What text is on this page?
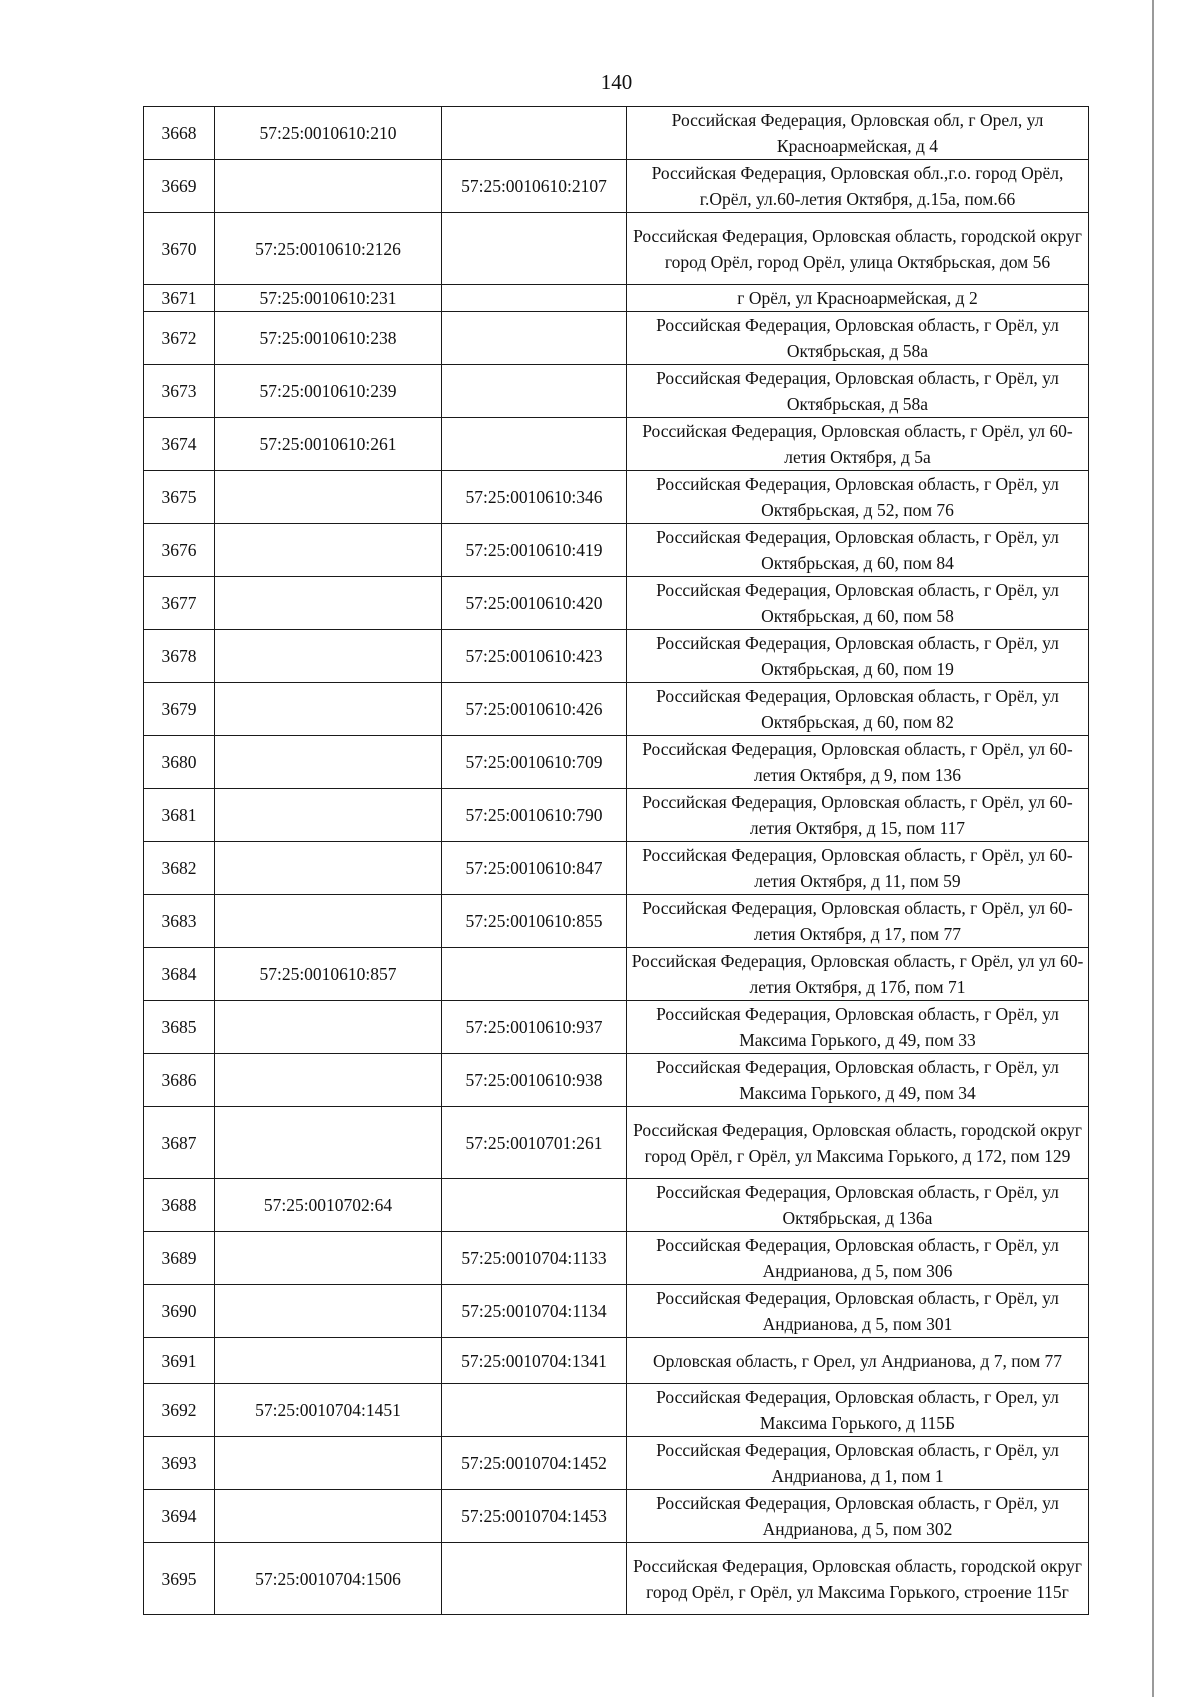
140
3668	57:25:0010610:210		Российская Федерация, Орловская обл, г Орел, ул Красноармейская, д 4
3669		57:25:0010610:2107	Российская Федерация, Орловская обл.,г.о. город Орёл, г.Орёл, ул.60-летия Октября, д.15а, пом.66
3670	57:25:0010610:2126		Российская Федерация, Орловская область, городской округ город Орёл, город Орёл, улица Октябрьская, дом 56
3671	57:25:0010610:231		г Орёл, ул Красноармейская, д 2
3672	57:25:0010610:238		Российская Федерация, Орловская область, г Орёл, ул Октябрьская, д 58а
3673	57:25:0010610:239		Российская Федерация, Орловская область, г Орёл, ул Октябрьская, д 58а
3674	57:25:0010610:261		Российская Федерация, Орловская область, г Орёл, ул 60-летия Октября, д 5а
3675		57:25:0010610:346	Российская Федерация, Орловская область, г Орёл, ул Октябрьская, д 52, пом 76
3676		57:25:0010610:419	Российская Федерация, Орловская область, г Орёл, ул Октябрьская, д 60, пом 84
3677		57:25:0010610:420	Российская Федерация, Орловская область, г Орёл, ул Октябрьская, д 60, пом 58
3678		57:25:0010610:423	Российская Федерация, Орловская область, г Орёл, ул Октябрьская, д 60, пом 19
3679		57:25:0010610:426	Российская Федерация, Орловская область, г Орёл, ул Октябрьская, д 60, пом 82
3680		57:25:0010610:709	Российская Федерация, Орловская область, г Орёл, ул 60-летия Октября, д 9, пом 136
3681		57:25:0010610:790	Российская Федерация, Орловская область, г Орёл, ул 60-летия Октября, д 15, пом 117
3682		57:25:0010610:847	Российская Федерация, Орловская область, г Орёл, ул 60-летия Октября, д 11, пом 59
3683		57:25:0010610:855	Российская Федерация, Орловская область, г Орёл, ул 60-летия Октября, д 17, пом 77
3684	57:25:0010610:857		Российская Федерация, Орловская область, г Орёл, ул ул 60-летия Октября, д 17б, пом 71
3685		57:25:0010610:937	Российская Федерация, Орловская область, г Орёл, ул Максима Горького, д 49, пом 33
3686		57:25:0010610:938	Российская Федерация, Орловская область, г Орёл, ул Максима Горького, д 49, пом 34
3687		57:25:0010701:261	Российская Федерация, Орловская область, городской округ город Орёл, г Орёл, ул Максима Горького, д 172, пом 129
3688	57:25:0010702:64		Российская Федерация, Орловская область, г Орёл, ул Октябрьская, д 136а
3689		57:25:0010704:1133	Российская Федерация, Орловская область, г Орёл, ул Андрианова, д 5, пом 306
3690		57:25:0010704:1134	Российская Федерация, Орловская область, г Орёл, ул Андрианова, д 5, пом 301
3691		57:25:0010704:1341	Орловская область, г Орел, ул Андрианова, д 7, пом 77
3692	57:25:0010704:1451		Российская Федерация, Орловская область, г Орел, ул Максима Горького, д 115Б
3693		57:25:0010704:1452	Российская Федерация, Орловская область, г Орёл, ул Андрианова, д 1, пом 1
3694		57:25:0010704:1453	Российская Федерация, Орловская область, г Орёл, ул Андрианова, д 5, пом 302
3695	57:25:0010704:1506		Российская Федерация, Орловская область, городской округ город Орёл, г Орёл, ул Максима Горького, строение 115г
